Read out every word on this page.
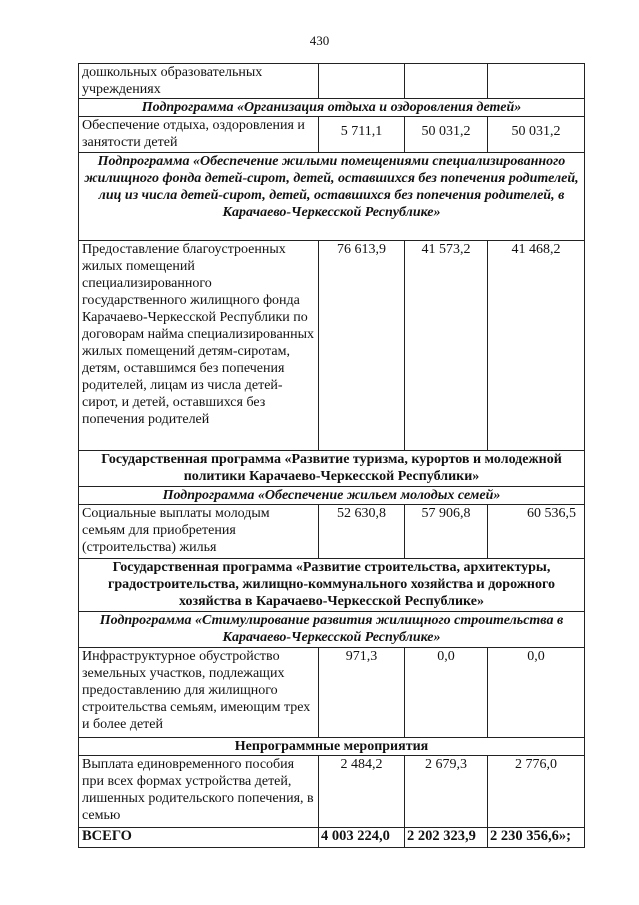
430
дошкольных образовательных учреждениях			
Подпрограмма «Организация отдыха и оздоровления детей»			
Обеспечение отдыха, оздоровления и занятости детей	5 711,1	50 031,2	50 031,2
Подпрограмма «Обеспечение жилыми помещениями специализированного жилищного фонда детей-сирот, детей, оставшихся без попечения родителей, лиц из числа детей-сирот, детей, оставшихся без попечения родителей, в Карачаево-Черкесской Республике»			
Предоставление благоустроенных жилых помещений специализированного государственного жилищного фонда Карачаево-Черкесской Республики по договорам найма специализированных жилых помещений детям-сиротам, детям, оставшимся без попечения родителей, лицам из числа детей-сирот, и детей, оставшихся без попечения родителей	76 613,9	41 573,2	41 468,2
Государственная программа «Развитие туризма, курортов и молодежной политики Карачаево-Черкесской Республики»			
Подпрограмма «Обеспечение жильем молодых семей»			
Социальные выплаты молодым семьям для приобретения (строительства) жилья	52 630,8	57 906,8	60 536,5
Государственная программа «Развитие строительства, архитектуры, градостроительства, жилищно-коммунального хозяйства и дорожного хозяйства в Карачаево-Черкесской Республике»			
Подпрограмма «Стимулирование развития жилищного строительства в Карачаево-Черкесской Республике»			
Инфраструктурное обустройство земельных участков, подлежащих предоставлению для жилищного строительства семьям, имеющим трех и более детей	971,3	0,0	0,0
Непрограммные мероприятия			
Выплата единовременного пособия при всех формах устройства детей, лишенных родительского попечения, в семью	2 484,2	2 679,3	2 776,0
ВСЕГО	4 003 224,0	2 202 323,9	2 230 356,6»;
